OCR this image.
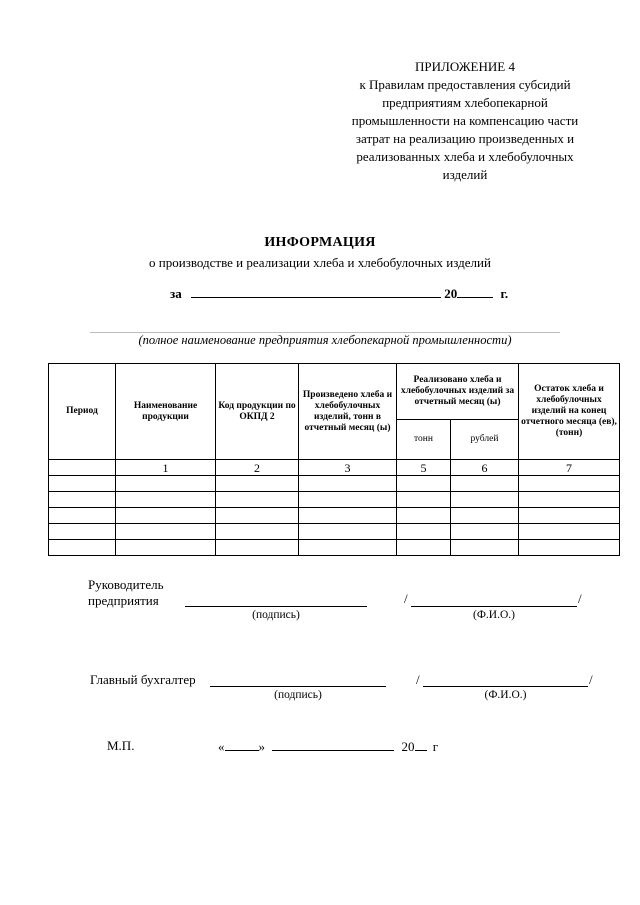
ПРИЛОЖЕНИЕ 4
к Правилам предоставления субсидий
предприятиям хлебопекарной
промышленности на компенсацию части
затрат на реализацию произведенных и
реализованных хлеба и хлебобулочных
изделий
ИНФОРМАЦИЯ
о производстве и реализации хлеба и хлебобулочных изделий
за	20	г.
(полное наименование предприятия хлебопекарной промышленности)
Период	Наименование продукции	Код продукции по ОКПД 2	Произведено хлеба и хлебобулочных изделий, тонн в отчетный месяц (ы)	Реализовано хлеба и хлебобулочных изделий за отчетный месяц (ы)		Остаток хлеба и хлебобулочных изделий на конец отчетного месяца (ев), (тонн)
				тонн	рублей	
	1	2	3	5	6	7

Руководитель
предприятия
(подпись)
/	/
(Ф.И.О.)
Главный бухгалтер
(подпись)
/	/
(Ф.И.О.)
М.П.	«	»	20 г
